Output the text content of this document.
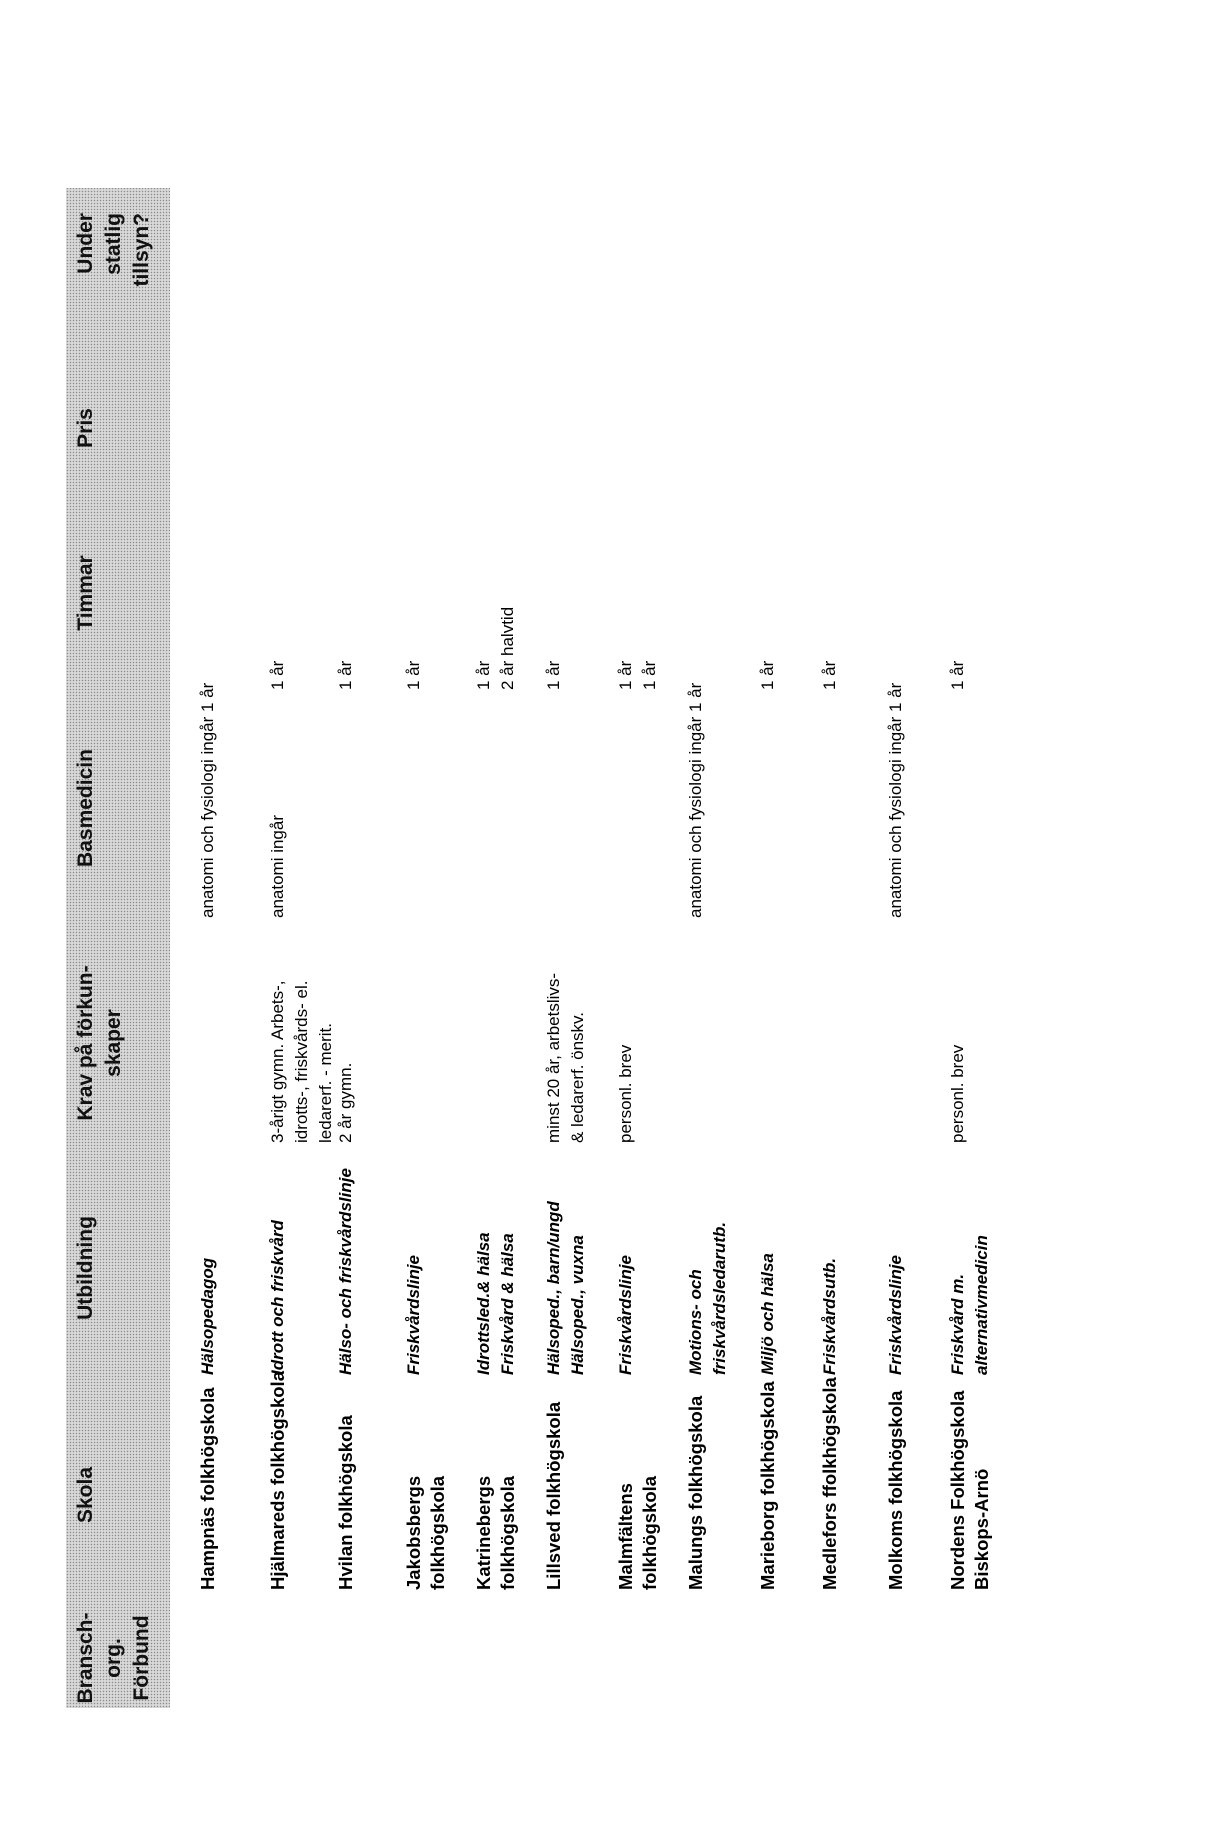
Bransch- org. Förbund
Skola
Utbildning
Krav på förkun- skaper
Basmedicin
Timmar
Pris
Under statlig tillsyn?
Hampnäs folkhögskola
Hälsopedagog
anatomi och fysiologi ingår 1 år
Hjälmareds folkhögskola
Idrott och friskvård
3-årigt gymn. Arbets-, idrotts-, friskvårds- el. ledarerf. - merit.
anatomi ingår
1 år
Hvilan folkhögskola
Hälso- och friskvårdslinje
2 år gymn.
1 år
Jakobsbergs folkhögskola
Friskvårdslinje
1 år
Katrinebergs folkhögskola
Idrottsled.& hälsa Friskvård & hälsa
1 år 2 år halvtid
Lillsved folkhögskola
Hälsoped., barn/ungd Hälsoped., vuxna
minst 20 år, arbetslivs- & ledarerf. önskv.
1 år
Malmfältens folkhögskola
Friskvårdslinje
personl. brev
1 år 1 år
Malungs folkhögskola
Motions- och friskvårdsledarutb.
anatomi och fysiologi ingår 1 år
Marieborg folkhögskola
Miljö och hälsa
1 år
Medlefors ffolkhögskola
Friskvårdsutb.
1 år
Molkoms folkhögskola
Friskvårdslinje
anatomi och fysiologi ingår 1 år
Nordens Folkhögskola Biskops-Arnö
Friskvård m. alternativmedicin
personl. brev
1 år
